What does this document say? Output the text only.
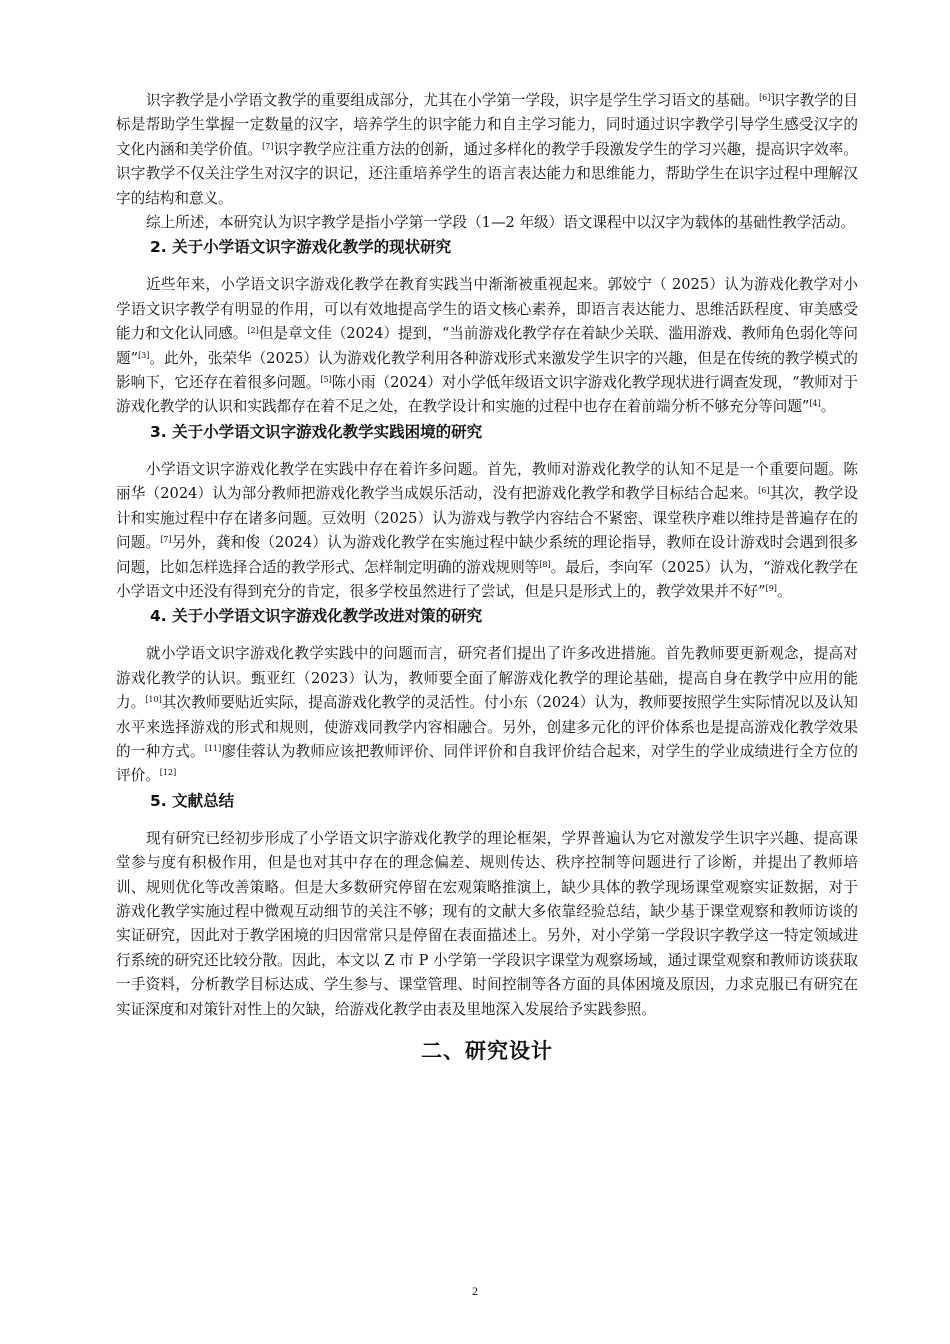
识字教学是小学语文教学的重要组成部分，尤其在小学第一学段，识字是学生学习语文的基础。[6]识字教学的目标是帮助学生掌握一定数量的汉字，培养学生的识字能力和自主学习能力，同时通过识字教学引导学生感受汉字的文化内涵和美学价值。[7]识字教学应注重方法的创新，通过多样化的教学手段激发学生的学习兴趣，提高识字效率。识字教学不仅关注学生对汉字的识记，还注重培养学生的语言表达能力和思维能力，帮助学生在识字过程中理解汉字的结构和意义。

综上所述，本研究认为识字教学是指小学第一学段（1—2 年级）语文课程中以汉字为载体的基础性教学活动。

2. 关于小学语文识字游戏化教学的现状研究

近些年来，小学语文识字游戏化教学在教育实践当中渐渐被重视起来。郭姣宁（ 2025）认为游戏化教学对小学语文识字教学有明显的作用，可以有效地提高学生的语文核心素养，即语言表达能力、思维活跃程度、审美感受能力和文化认同感。[2]但是章文佳（2024）提到，“当前游戏化教学存在着缺少关联、滥用游戏、教师角色弱化等问题”[3]。此外，张荣华（2025）认为游戏化教学利用各种游戏形式来激发学生识字的兴趣，但是在传统的教学模式的影响下，它还存在着很多问题。[5]陈小雨（2024）对小学低年级语文识字游戏化教学现状进行调查发现，“教师对于游戏化教学的认识和实践都存在着不足之处，在教学设计和实施的过程中也存在着前端分析不够充分等问题”[4]。

3. 关于小学语文识字游戏化教学实践困境的研究

小学语文识字游戏化教学在实践中存在着许多问题。首先，教师对游戏化教学的认知不足是一个重要问题。陈丽华（2024）认为部分教师把游戏化教学当成娱乐活动，没有把游戏化教学和教学目标结合起来。[6]其次，教学设计和实施过程中存在诸多问题。豆效明（2025）认为游戏与教学内容结合不紧密、课堂秩序难以维持是普遍存在的问题。[7]另外，龚和俊（2024）认为游戏化教学在实施过程中缺少系统的理论指导，教师在设计游戏时会遇到很多问题，比如怎样选择合适的教学形式、怎样制定明确的游戏规则等[8]。最后，李向军（2025）认为，“游戏化教学在小学语文中还没有得到充分的肯定，很多学校虽然进行了尝试，但是只是形式上的，教学效果并不好”[9]。

4. 关于小学语文识字游戏化教学改进对策的研究

就小学语文识字游戏化教学实践中的问题而言，研究者们提出了许多改进措施。首先教师要更新观念，提高对游戏化教学的认识。甄亚红（2023）认为，教师要全面了解游戏化教学的理论基础，提高自身在教学中应用的能力。[10]其次教师要贴近实际，提高游戏化教学的灵活性。付小东（2024）认为，教师要按照学生实际情况以及认知水平来选择游戏的形式和规则，使游戏同教学内容相融合。另外，创建多元化的评价体系也是提高游戏化教学效果的一种方式。[11]廖佳蓉认为教师应该把教师评价、同伴评价和自我评价结合起来，对学生的学业成绩进行全方位的评价。[12]

5. 文献总结

现有研究已经初步形成了小学语文识字游戏化教学的理论框架，学界普遍认为它对激发学生识字兴趣、提高课堂参与度有积极作用，但是也对其中存在的理念偏差、规则传达、秩序控制等问题进行了诊断，并提出了教师培训、规则优化等改善策略。但是大多数研究停留在宏观策略推演上，缺少具体的教学现场课堂观察实证数据，对于游戏化教学实施过程中微观互动细节的关注不够；现有的文献大多依靠经验总结，缺少基于课堂观察和教师访谈的实证研究，因此对于教学困境的归因常常只是停留在表面描述上。另外，对小学第一学段识字教学这一特定领域进行系统的研究还比较分散。因此，本文以 Z 市 P 小学第一学段识字课堂为观察场域，通过课堂观察和教师访谈获取一手资料，分析教学目标达成、学生参与、课堂管理、时间控制等各方面的具体困境及原因，力求克服已有研究在实证深度和对策针对性上的欠缺，给游戏化教学由表及里地深入发展给予实践参照。

二、研究设计
2
